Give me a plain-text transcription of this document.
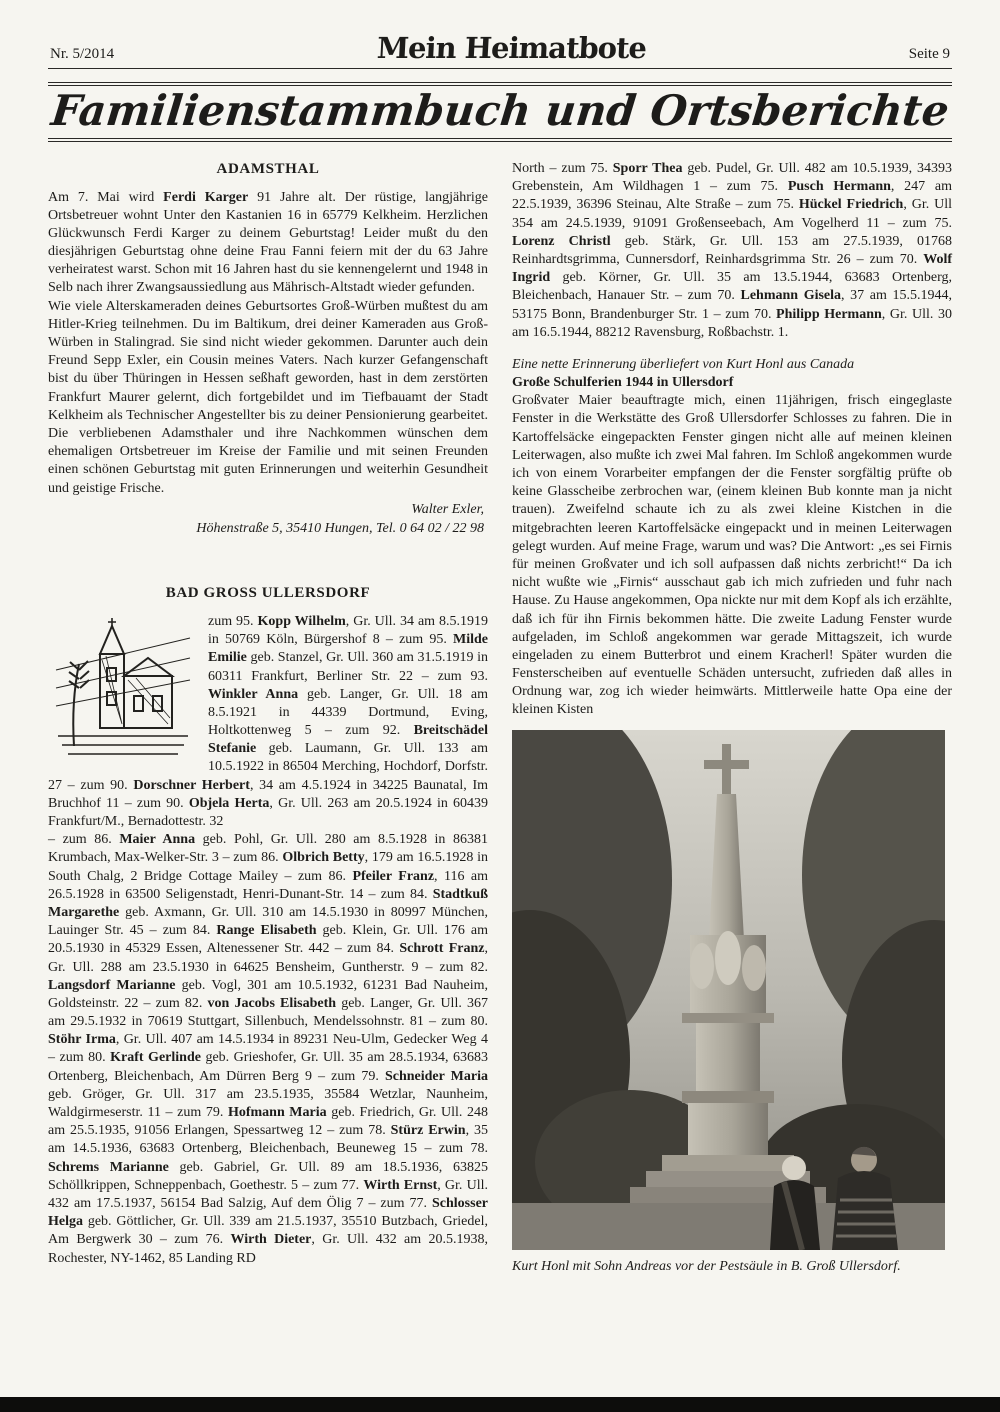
Nr. 5/2014	Mein Heimatbote	Seite 9
Familienstammbuch und Ortsberichte
ADAMSTHAL

Am 7. Mai wird Ferdi Karger 91 Jahre alt. Der rüstige, langjährige Ortsbetreuer wohnt Unter den Kastanien 16 in 65779 Kelkheim. Herzlichen Glückwunsch Ferdi Karger zu deinem Geburtstag! Leider mußt du den diesjährigen Geburtstag ohne deine Frau Fanni feiern mit der du 63 Jahre verheiratest warst. Schon mit 16 Jahren hast du sie kennengelernt und 1948 in Selb nach ihrer Zwangsaussiedlung aus Mährisch-Altstadt wieder gefunden.

Wie viele Alterskameraden deines Geburtsortes Groß-Würben mußtest du am Hitler-Krieg teilnehmen. Du im Baltikum, drei deiner Kameraden aus Groß-Würben in Stalingrad. Sie sind nicht wieder gekommen. Darunter auch dein Freund Sepp Exler, ein Cousin meines Vaters. Nach kurzer Gefangenschaft bist du über Thüringen in Hessen seßhaft geworden, hast in dem zerstörten Frankfurt Maurer gelernt, dich fortgebildet und im Tiefbauamt der Stadt Kelkheim als Technischer Angestellter bis zu deiner Pensionierung gearbeitet. Die verbliebenen Adamsthaler und ihre Nachkommen wünschen dem ehemaligen Ortsbetreuer im Kreise der Familie und mit seinen Freunden einen schönen Geburtstag mit guten Erinnerungen und weiterhin Gesundheit und geistige Frische.

Walter Exler,
Höhenstraße 5, 35410 Hungen, Tel. 0 64 02 / 22 98
BAD GROSS ULLERSDORF

zum 95. Kopp Wilhelm, Gr. Ull. 34 am 8.5.1919 in 50769 Köln, Bürgershof 8 – zum 95. Milde Emilie geb. Stanzel, Gr. Ull. 360 am 31.5.1919 in 60311 Frankfurt, Berliner Str. 22 – zum 93. Winkler Anna geb. Langer, Gr. Ull. 18 am 8.5.1921 in 44339 Dortmund, Eving, Holtkottenweg 5 – zum 92. Breitschädel Stefanie geb. Laumann, Gr. Ull. 133 am 10.5.1922 in 86504 Merching, Hochdorf, Dorfstr. 27 – zum 90. Dorschner Herbert, 34 am 4.5.1924 in 34225 Baunatal, Im Bruchhof 11 – zum 90. Objela Herta, Gr. Ull. 263 am 20.5.1924 in 60439 Frankfurt/M., Bernadottestr. 32

– zum 86. Maier Anna geb. Pohl, Gr. Ull. 280 am 8.5.1928 in 86381 Krumbach, Max-Welker-Str. 3 – zum 86. Olbrich Betty, 179 am 16.5.1928 in South Chalg, 2 Bridge Cottage Mailey – zum 86. Pfeiler Franz, 116 am 26.5.1928 in 63500 Seligenstadt, Henri-Dunant-Str. 14 – zum 84. Stadtkuß Margarethe geb. Axmann, Gr. Ull. 310 am 14.5.1930 in 80997 München, Lauinger Str. 45 – zum 84. Range Elisabeth geb. Klein, Gr. Ull. 176 am 20.5.1930 in 45329 Essen, Altenessener Str. 442 – zum 84. Schrott Franz, Gr. Ull. 288 am 23.5.1930 in 64625 Bensheim, Guntherstr. 9 – zum 82. Langsdorf Marianne geb. Vogl, 301 am 10.5.1932, 61231 Bad Nauheim, Goldsteinstr. 22 – zum 82. von Jacobs Elisabeth geb. Langer, Gr. Ull. 367 am 29.5.1932 in 70619 Stuttgart, Sillenbuch, Mendelssohnstr. 81 – zum 80. Stöhr Irma, Gr. Ull. 407 am 14.5.1934 in 89231 Neu-Ulm, Gedecker Weg 4 – zum 80. Kraft Gerlinde geb. Grieshofer, Gr. Ull. 35 am 28.5.1934, 63683 Ortenberg, Bleichenbach, Am Dürren Berg 9 – zum 79. Schneider Maria geb. Gröger, Gr. Ull. 317 am 23.5.1935, 35584 Wetzlar, Naunheim, Waldgirmeserstr. 11 – zum 79. Hofmann Maria geb. Friedrich, Gr. Ull. 248 am 25.5.1935, 91056 Erlangen, Spessartweg 12 – zum 78. Stürz Erwin, 35 am 14.5.1936, 63683 Ortenberg, Bleichenbach, Beuneweg 15 – zum 78. Schrems Marianne geb. Gabriel, Gr. Ull. 89 am 18.5.1936, 63825 Schöllkrippen, Schneppenbach, Goethestr. 5 – zum 77. Wirth Ernst, Gr. Ull. 432 am 17.5.1937, 56154 Bad Salzig, Auf dem Ölig 7 – zum 77. Schlosser Helga geb. Göttlicher, Gr. Ull. 339 am 21.5.1937, 35510 Butzbach, Griedel, Am Bergwerk 30 – zum 76. Wirth Dieter, Gr. Ull. 432 am 20.5.1938, Rochester, NY-1462, 85 Landing RD

North – zum 75. Sporr Thea geb. Pudel, Gr. Ull. 482 am 10.5.1939, 34393 Grebenstein, Am Wildhagen 1 – zum 75. Pusch Hermann, 247 am 22.5.1939, 36396 Steinau, Alte Straße – zum 75. Hückel Friedrich, Gr. Ull 354 am 24.5.1939, 91091 Großenseebach, Am Vogelherd 11 – zum 75. Lorenz Christl geb. Stärk, Gr. Ull. 153 am 27.5.1939, 01768 Reinhardtsgrimma, Cunnersdorf, Reinhardsgrimma Str. 26 – zum 70. Wolf Ingrid geb. Körner, Gr. Ull. 35 am 13.5.1944, 63683 Ortenberg, Bleichenbach, Hanauer Str. – zum 70. Lehmann Gisela, 37 am 15.5.1944, 53175 Bonn, Brandenburger Str. 1 – zum 70. Philipp Hermann, Gr. Ull. 30 am 16.5.1944, 88212 Ravensburg, Roßbachstr. 1.

Eine nette Erinnerung überliefert von Kurt Honl aus Canada

Große Schulferien 1944 in Ullersdorf

Großvater Maier beauftragte mich, einen 11jährigen, frisch eingeglaste Fenster in die Werkstätte des Groß Ullersdorfer Schlosses zu fahren. Die in Kartoffelsäcke eingepackten Fenster gingen nicht alle auf meinen kleinen Leiterwagen, also mußte ich zwei Mal fahren. Im Schloß angekommen wurde ich von einem Vorarbeiter empfangen der die Fenster sorgfältig prüfte ob keine Glasscheibe zerbrochen war, (einem kleinen Bub konnte man ja nicht trauen). Zweifelnd schaute ich zu als zwei kleine Kistchen in die mitgebrachten leeren Kartoffelsäcke eingepackt und in meinen Leiterwagen gelegt wurden. Auf meine Frage, warum und was? Die Antwort: „es sei Firnis für meinen Großvater und ich soll aufpassen daß nichts zerbricht!“ Da ich nicht wußte wie „Firnis“ ausschaut gab ich mich zufrieden und fuhr nach Hause. Zu Hause angekommen, Opa nickte nur mit dem Kopf als ich erzählte, daß ich für ihn Firnis bekommen hätte. Die zweite Ladung Fenster wurde aufgeladen, im Schloß angekommen war gerade Mittagszeit, ich wurde eingeladen zu einem Butterbrot und einem Kracherl! Später wurden die Fensterscheiben auf eventuelle Schäden untersucht, zufrieden daß alles in Ordnung war, zog ich wieder heimwärts. Mittlerweile hatte Opa eine der kleinen Kisten

Kurt Honl mit Sohn Andreas vor der Pestsäule in B. Groß Ullersdorf.
